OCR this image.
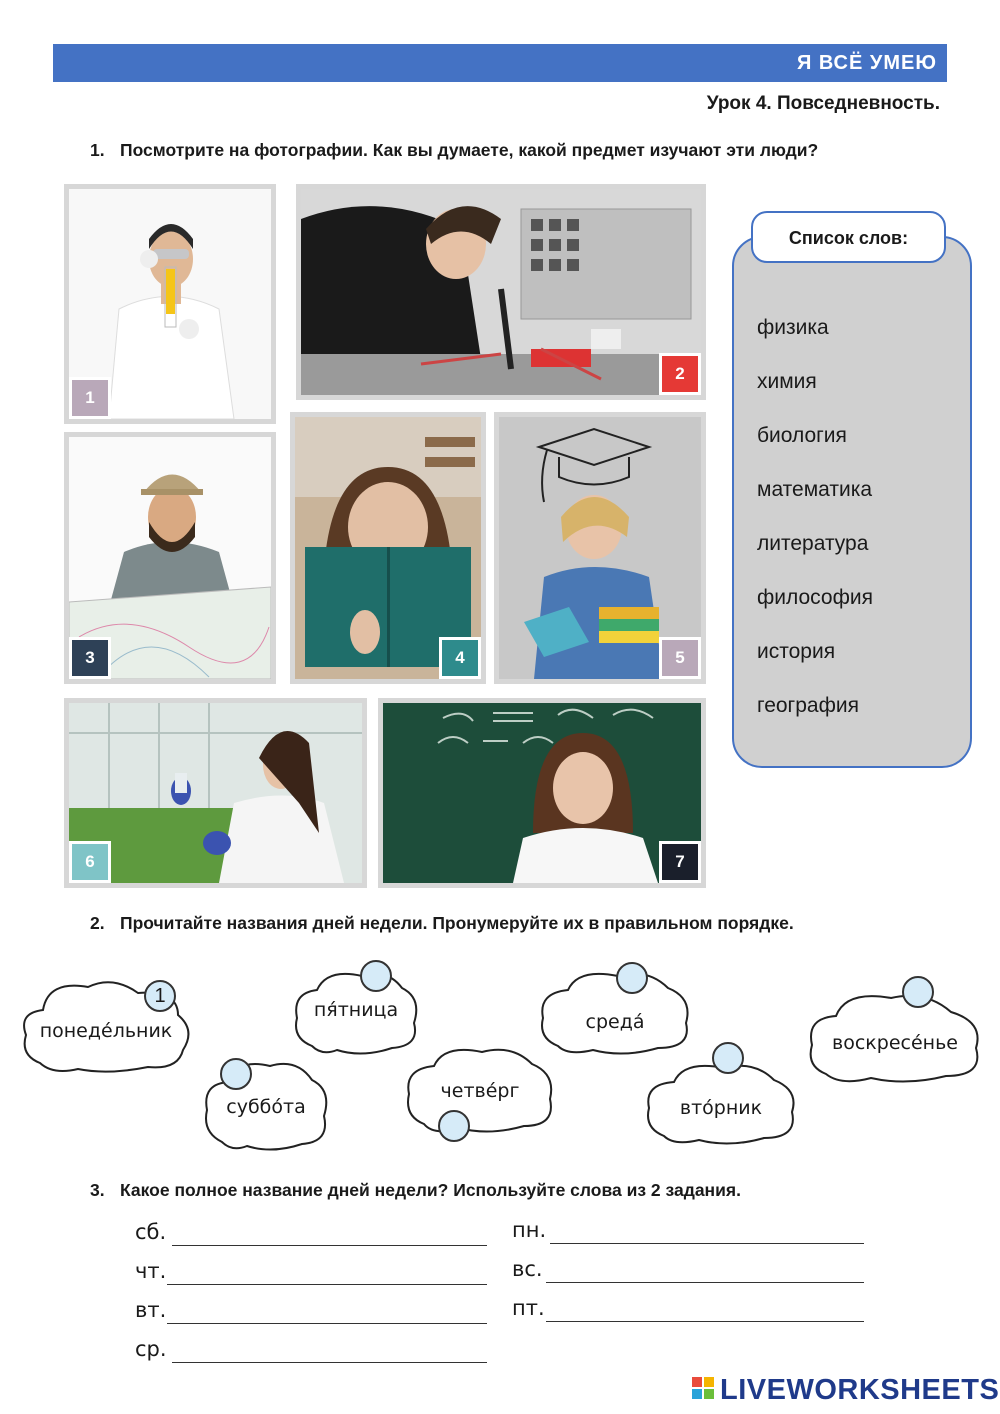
Я ВСЁ УМЕЮ
Урок 4. Повседневность.
1. Посмотрите на фотографии. Как вы думаете, какой предмет изучают эти люди?
1
2
3	4	5
6	7
Список слов:
физика
химия
биология
математика
литература
философия
история
география
2. Прочитайте названия дней недели. Пронумеруйте их в правильном порядке.
понеде́льник
1
пя́тница
среда́
воскресе́нье
суббо́та
четве́рг
вто́рник
3. Какое полное название дней недели? Используйте слова из 2 задания.
сб.
чт.
вт.
ср.
пн.
вс.
пт.
LIVEWORKSHEETS
